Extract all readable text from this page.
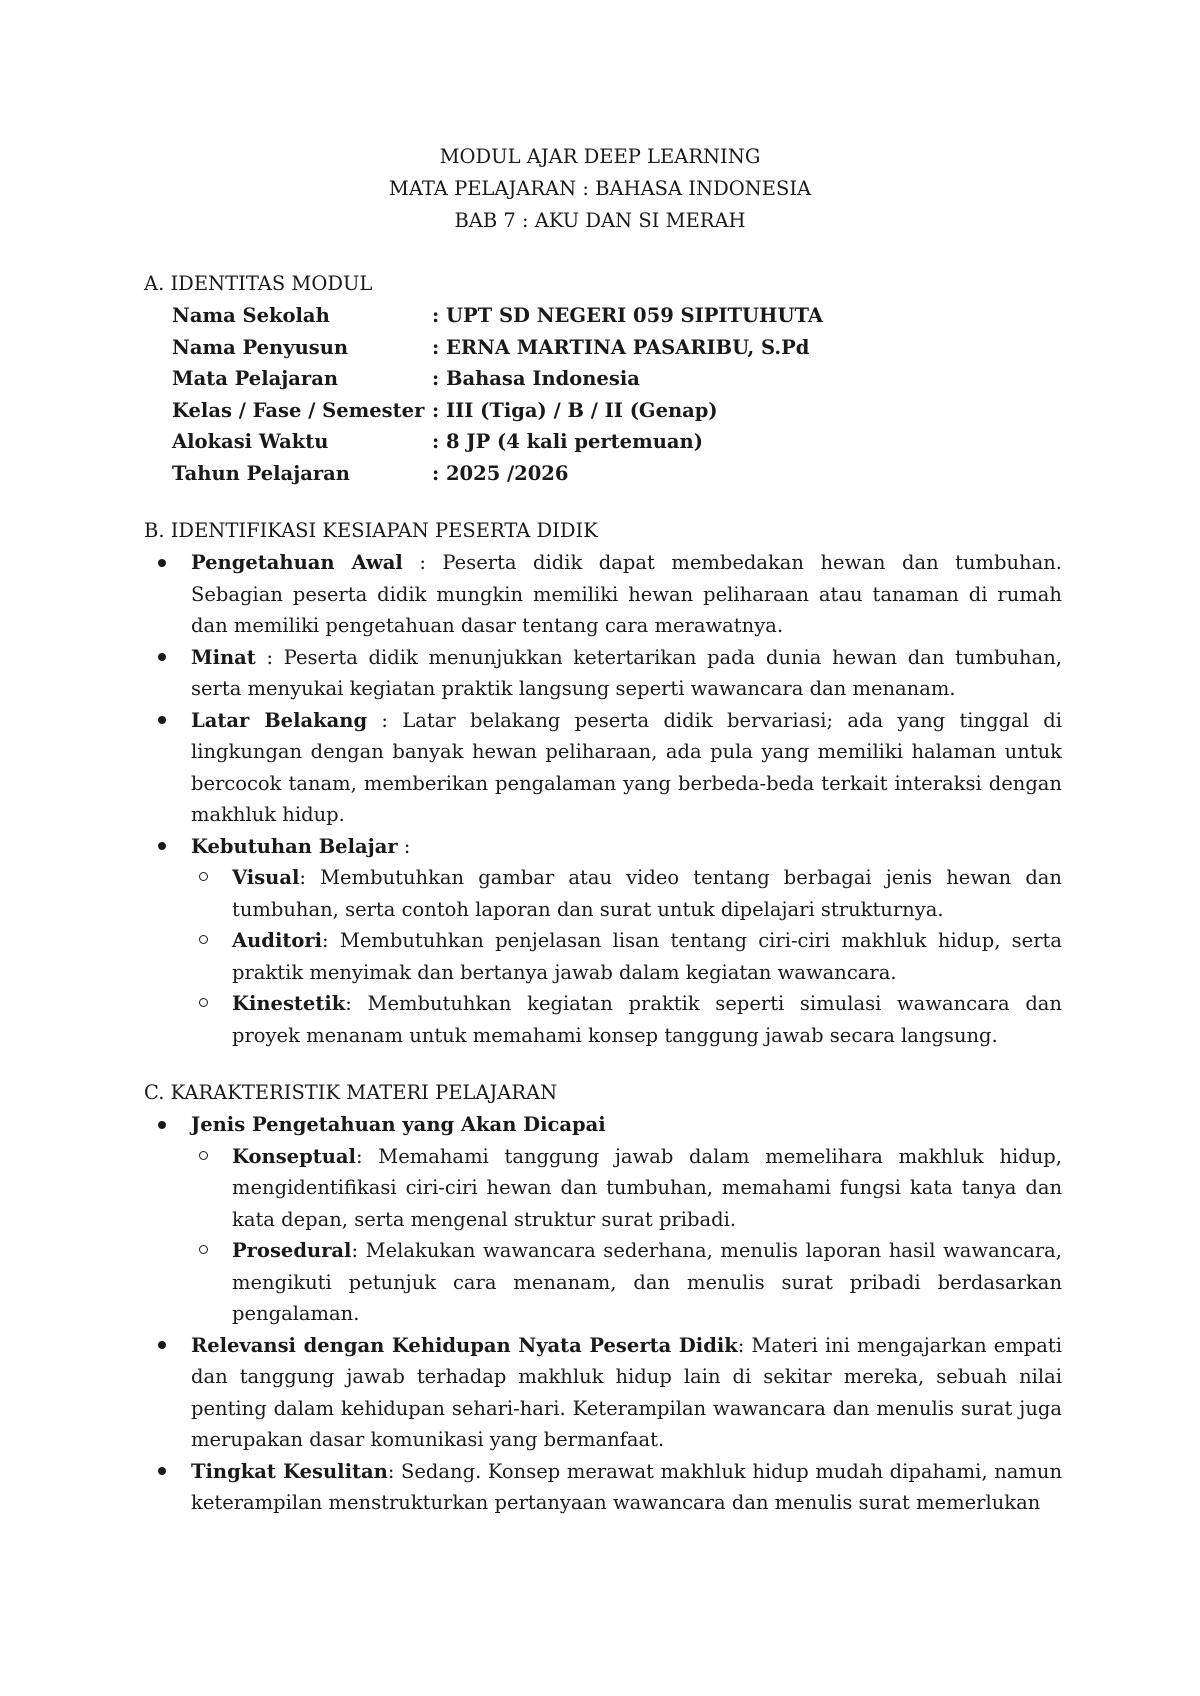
MODUL AJAR DEEP LEARNING
MATA PELAJARAN : BAHASA INDONESIA
BAB 7 : AKU DAN SI MERAH
A. IDENTITAS MODUL
Nama Sekolah	: UPT SD NEGERI 059 SIPITUHUTA
Nama Penyusun	: ERNA MARTINA PASARIBU, S.Pd
Mata Pelajaran	: Bahasa Indonesia
Kelas / Fase / Semester : III (Tiga) / B / II (Genap)
Alokasi Waktu	: 8 JP (4 kali pertemuan)
Tahun Pelajaran	: 2025 /2026
B. IDENTIFIKASI KESIAPAN PESERTA DIDIK
Pengetahuan Awal : Peserta didik dapat membedakan hewan dan tumbuhan. Sebagian peserta didik mungkin memiliki hewan peliharaan atau tanaman di rumah dan memiliki pengetahuan dasar tentang cara merawatnya.
Minat : Peserta didik menunjukkan ketertarikan pada dunia hewan dan tumbuhan, serta menyukai kegiatan praktik langsung seperti wawancara dan menanam.
Latar Belakang : Latar belakang peserta didik bervariasi; ada yang tinggal di lingkungan dengan banyak hewan peliharaan, ada pula yang memiliki halaman untuk bercocok tanam, memberikan pengalaman yang berbeda-beda terkait interaksi dengan makhluk hidup.
Kebutuhan Belajar :
Visual: Membutuhkan gambar atau video tentang berbagai jenis hewan dan tumbuhan, serta contoh laporan dan surat untuk dipelajari strukturnya.
Auditori: Membutuhkan penjelasan lisan tentang ciri-ciri makhluk hidup, serta praktik menyimak dan bertanya jawab dalam kegiatan wawancara.
Kinestetik: Membutuhkan kegiatan praktik seperti simulasi wawancara dan proyek menanam untuk memahami konsep tanggung jawab secara langsung.
C. KARAKTERISTIK MATERI PELAJARAN
Jenis Pengetahuan yang Akan Dicapai
Konseptual: Memahami tanggung jawab dalam memelihara makhluk hidup, mengidentifikasi ciri-ciri hewan dan tumbuhan, memahami fungsi kata tanya dan kata depan, serta mengenal struktur surat pribadi.
Prosedural: Melakukan wawancara sederhana, menulis laporan hasil wawancara, mengikuti petunjuk cara menanam, dan menulis surat pribadi berdasarkan pengalaman.
Relevansi dengan Kehidupan Nyata Peserta Didik: Materi ini mengajarkan empati dan tanggung jawab terhadap makhluk hidup lain di sekitar mereka, sebuah nilai penting dalam kehidupan sehari-hari. Keterampilan wawancara dan menulis surat juga merupakan dasar komunikasi yang bermanfaat.
Tingkat Kesulitan: Sedang. Konsep merawat makhluk hidup mudah dipahami, namun keterampilan menstrukturkan pertanyaan wawancara dan menulis surat memerlukan
